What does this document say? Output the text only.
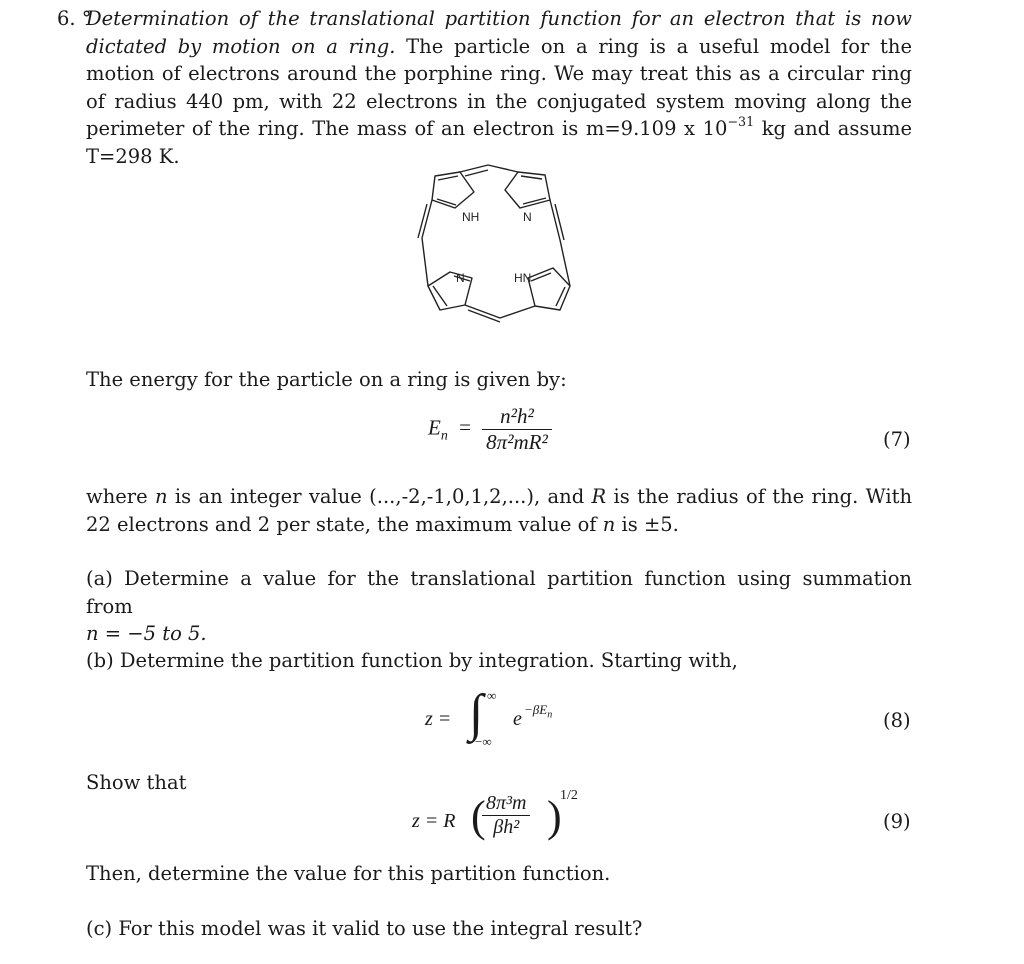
6. °
Determination of the translational partition function for an electron that is now dictated by motion on a ring. The particle on a ring is a useful model for the motion of electrons around the porphine ring. We may treat this as a circular ring of radius 440 pm, with 22 electrons in the conjugated system moving along the perimeter of the ring. The mass of an electron is m=9.109 x $10^{-31}$ kg and assume T=298 K.
NH	N
N	HN
The energy for the particle on a ring is given by:
$E_n = \frac{\text{n²h²}}{\text{8π²mR²}}$	(7)
where n is an integer value (...,-2,-1,0,1,2,...), and R is the radius of the ring. With 22 electrons and 2 per state, the maximum value of n is ±5.
(a) Determine a value for the translational partition function using summation from
n = −5 to 5.
(b) Determine the partition function by integration. Starting with,
z = ∫ ∞
−∞
$e -\beta E_n$	(8)
Show that
z = R (
$\frac{\text{8π³m}}{\text{βh²}}$ )
1/2
(9)
Then, determine the value for this partition function.
(c) For this model was it valid to use the integral result?
